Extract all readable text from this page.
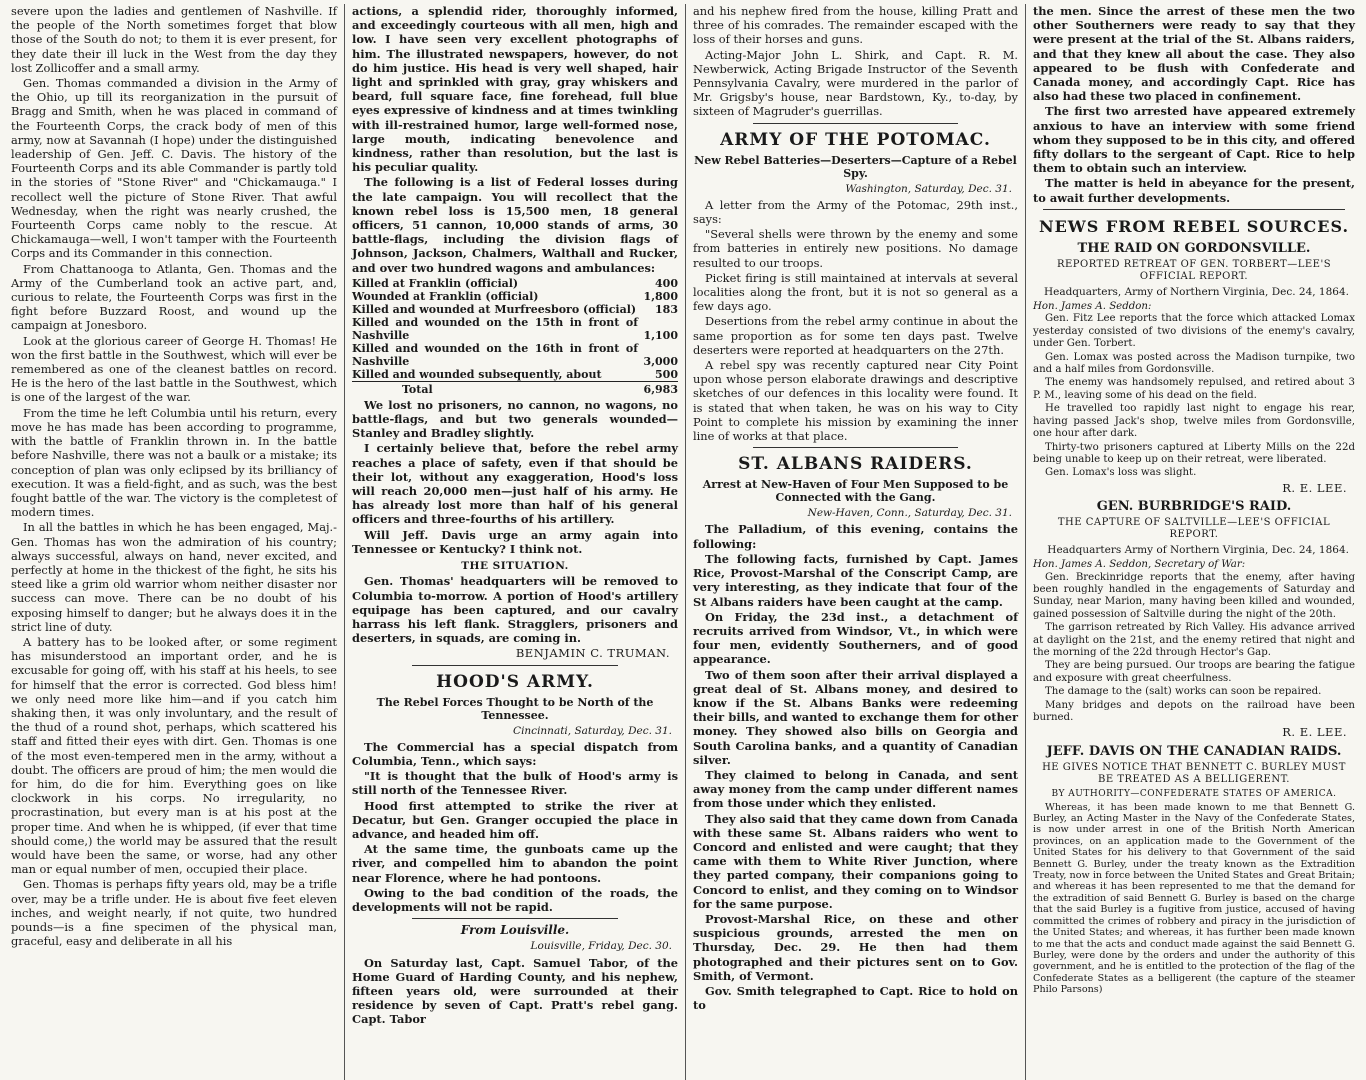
severe upon the ladies and gentlemen of Nashville. If the people of the North sometimes forget that blow those of the South do not; to them it is ever present, for they date their ill luck in the West from the day they lost Zollicoffer and a small army.

Gen. Thomas commanded a division in the Army of the Ohio, up till its reorganization in the pursuit of Bragg and Smith, when he was placed in command of the Fourteenth Corps, the crack body of men of this army, now at Savannah (I hope) under the distinguished leadership of Gen. Jeff. C. Davis. The history of the Fourteenth Corps and its able Commander is partly told in the stories of "Stone River" and "Chickamauga." I recollect well the picture of Stone River. That awful Wednesday, when the right was nearly crushed, the Fourteenth Corps came nobly to the rescue. At Chickamauga—well, I won't tamper with the Fourteenth Corps and its Commander in this connection.

From Chattanooga to Atlanta, Gen. Thomas and the Army of the Cumberland took an active part, and, curious to relate, the Fourteenth Corps was first in the fight before Buzzard Roost, and wound up the campaign at Jonesboro.

Look at the glorious career of George H. Thomas! He won the first battle in the Southwest, which will ever be remembered as one of the cleanest battles on record. He is the hero of the last battle in the Southwest, which is one of the largest of the war.

From the time he left Columbia until his return, every move he has made has been according to programme, with the battle of Franklin thrown in. In the battle before Nashville, there was not a baulk or a mistake; its conception of plan was only eclipsed by its brilliancy of execution. It was a field-fight, and as such, was the best fought battle of the war. The victory is the completest of modern times.

In all the battles in which he has been engaged, Maj.-Gen. Thomas has won the admiration of his country; always successful, always on hand, never excited, and perfectly at home in the thickest of the fight, he sits his steed like a grim old warrior whom neither disaster nor success can move. There can be no doubt of his exposing himself to danger; but he always does it in the strict line of duty.

A battery has to be looked after, or some regiment has misunderstood an important order, and he is excusable for going off, with his staff at his heels, to see for himself that the error is corrected. God bless him! we only need more like him—and if you catch him shaking then, it was only involuntary, and the result of the thud of a round shot, perhaps, which scattered his staff and fitted their eyes with dirt. Gen. Thomas is one of the most even-tempered men in the army, without a doubt. The officers are proud of him; the men would die for him, do die for him. Everything goes on like clockwork in his corps. No irregularity, no procrastination, but every man is at his post at the proper time. And when he is whipped, (if ever that time should come,) the world may be assured that the result would have been the same, or worse, had any other man or equal number of men, occupied their place.

Gen. Thomas is perhaps fifty years old, may be a trifle over, may be a trifle under. He is about five feet eleven inches, and weight nearly, if not quite, two hundred pounds—is a fine specimen of the physical man, graceful, easy and deliberate in all his

actions, a splendid rider, thoroughly informed, and exceedingly courteous with all men, high and low. I have seen very excellent photographs of him. The illustrated newspapers, however, do not do him justice. His head is very well shaped, hair light and sprinkled with gray, gray whiskers and beard, full square face, fine forehead, full blue eyes expressive of kindness and at times twinkling with ill-restrained humor, large well-formed nose, large mouth, indicating benevolence and kindness, rather than resolution, but the last is his peculiar quality.

The following is a list of Federal losses during the late campaign. You will recollect that the known rebel loss is 15,500 men, 18 general officers, 51 cannon, 10,000 stands of arms, 30 battle-flags, including the division flags of Johnson, Jackson, Chalmers, Walthall and Rucker, and over two hundred wagons and ambulances:

Killed at Franklin (official)	400
Wounded at Franklin (official)	1,800
Killed and wounded at Murfreesboro (official)	183
Killed and wounded on the 15th in front of Nashville	1,100
Killed and wounded on the 16th in front of Nashville	3,000
Killed and wounded subsequently, about	500
Total	6,983

We lost no prisoners, no cannon, no wagons, no battle-flags, and but two generals wounded—Stanley and Bradley slightly.

I certainly believe that, before the rebel army reaches a place of safety, even if that should be their lot, without any exaggeration, Hood's loss will reach 20,000 men—just half of his army. He has already lost more than half of his general officers and three-fourths of his artillery.

Will Jeff. Davis urge an army again into Tennessee or Kentucky? I think not.

THE SITUATION.

Gen. Thomas' headquarters will be removed to Columbia to-morrow. A portion of Hood's artillery equipage has been captured, and our cavalry harrass his left flank. Stragglers, prisoners and deserters, in squads, are coming in.

BENJAMIN C. TRUMAN.
HOOD'S ARMY.
The Rebel Forces Thought to be North of the Tennessee.
Cincinnati, Saturday, Dec. 31.

The Commercial has a special dispatch from Columbia, Tenn., which says:

"It is thought that the bulk of Hood's army is still north of the Tennessee River.

Hood first attempted to strike the river at Decatur, but Gen. Granger occupied the place in advance, and headed him off.

At the same time, the gunboats came up the river, and compelled him to abandon the point near Florence, where he had pontoons.

Owing to the bad condition of the roads, the developments will not be rapid.

From Louisville.
Louisville, Friday, Dec. 30.

On Saturday last, Capt. Samuel Tabor, of the Home Guard of Harding County, and his nephew, fifteen years old, were surrounded at their residence by seven of Capt. Pratt's rebel gang. Capt. Tabor

and his nephew fired from the house, killing Pratt and three of his comrades. The remainder escaped with the loss of their horses and guns.

Acting-Major John L. Shirk, and Capt. R. M. Newberwick, Acting Brigade Instructor of the Seventh Pennsylvania Cavalry, were murdered in the parlor of Mr. Grigsby's house, near Bardstown, Ky., to-day, by sixteen of Magruder's guerrillas.

ARMY OF THE POTOMAC.
New Rebel Batteries—Deserters—Capture of a Rebel Spy.
Washington, Saturday, Dec. 31.

A letter from the Army of the Potomac, 29th inst., says:

"Several shells were thrown by the enemy and some from batteries in entirely new positions. No damage resulted to our troops.

Picket firing is still maintained at intervals at several localities along the front, but it is not so general as a few days ago.

Desertions from the rebel army continue in about the same proportion as for some ten days past. Twelve deserters were reported at headquarters on the 27th.

A rebel spy was recently captured near City Point upon whose person elaborate drawings and descriptive sketches of our defences in this locality were found. It is stated that when taken, he was on his way to City Point to complete his mission by examining the inner line of works at that place.

ST. ALBANS RAIDERS.
Arrest at New-Haven of Four Men Supposed to be Connected with the Gang.
New-Haven, Conn., Saturday, Dec. 31.

The Palladium, of this evening, contains the following:

The following facts, furnished by Capt. James Rice, Provost-Marshal of the Conscript Camp, are very interesting, as they indicate that four of the St Albans raiders have been caught at the camp.

On Friday, the 23d inst., a detachment of recruits arrived from Windsor, Vt., in which were four men, evidently Southerners, and of good appearance.

Two of them soon after their arrival displayed a great deal of St. Albans money, and desired to know if the St. Albans Banks were redeeming their bills, and wanted to exchange them for other money. They showed also bills on Georgia and South Carolina banks, and a quantity of Canadian silver.

They claimed to belong in Canada, and sent away money from the camp under different names from those under which they enlisted.

They also said that they came down from Canada with these same St. Albans raiders who went to Concord and enlisted and were caught; that they came with them to White River Junction, where they parted company, their companions going to Concord to enlist, and they coming on to Windsor for the same purpose.

Provost-Marshal Rice, on these and other suspicious grounds, arrested the men on Thursday, Dec. 29. He then had them photographed and their pictures sent on to Gov. Smith, of Vermont.

Gov. Smith telegraphed to Capt. Rice to hold on to

the men. Since the arrest of these men the two other Southerners were ready to say that they were present at the trial of the St. Albans raiders, and that they knew all about the case. They also appeared to be flush with Confederate and Canada money, and accordingly Capt. Rice has also had these two placed in confinement.

The first two arrested have appeared extremely anxious to have an interview with some friend whom they supposed to be in this city, and offered fifty dollars to the sergeant of Capt. Rice to help them to obtain such an interview.

The matter is held in abeyance for the present, to await further developments.

NEWS FROM REBEL SOURCES.
THE RAID ON GORDONSVILLE.
REPORTED RETREAT OF GEN. TORBERT—LEE'S OFFICIAL REPORT.
Headquarters, Army of Northern Virginia, Dec. 24, 1864.
Hon. James A. Seddon:

Gen. Fitz Lee reports that the force which attacked Lomax yesterday consisted of two divisions of the enemy's cavalry, under Gen. Torbert.

Gen. Lomax was posted across the Madison turnpike, two and a half miles from Gordonsville.

The enemy was handsomely repulsed, and retired about 3 P. M., leaving some of his dead on the field.

He travelled too rapidly last night to engage his rear, having passed Jack's shop, twelve miles from Gordonsville, one hour after dark.

Thirty-two prisoners captured at Liberty Mills on the 22d being unable to keep up on their retreat, were liberated.

Gen. Lomax's loss was slight.

R. E. LEE.
GEN. BURBRIDGE'S RAID.
THE CAPTURE OF SALTVILLE—LEE'S OFFICIAL REPORT.
Headquarters Army of Northern Virginia, Dec. 24, 1864.
Hon. James A. Seddon, Secretary of War:

Gen. Breckinridge reports that the enemy, after having been roughly handled in the engagements of Saturday and Sunday, near Marion, many having been killed and wounded, gained possession of Saltville during the night of the 20th.

The garrison retreated by Rich Valley. His advance arrived at daylight on the 21st, and the enemy retired that night and the morning of the 22d through Hector's Gap.

They are being pursued. Our troops are bearing the fatigue and exposure with great cheerfulness.

The damage to the (salt) works can soon be repaired.

Many bridges and depots on the railroad have been burned.

R. E. LEE.
JEFF. DAVIS ON THE CANADIAN RAIDS.
HE GIVES NOTICE THAT BENNETT C. BURLEY MUST BE TREATED AS A BELLIGERENT.
BY AUTHORITY—CONFEDERATE STATES OF AMERICA.

Whereas, it has been made known to me that Bennett G. Burley, an Acting Master in the Navy of the Confederate States, is now under arrest in one of the British North American provinces, on an application made to the Government of the United States for his delivery to that Government of the said Bennett G. Burley, under the treaty known as the Extradition Treaty, now in force between the United States and Great Britain; and whereas it has been represented to me that the demand for the extradition of said Bennett G. Burley is based on the charge that the said Burley is a fugitive from justice, accused of having committed the crimes of robbery and piracy in the jurisdiction of the United States; and whereas, it has further been made known to me that the acts and conduct made against the said Bennett G. Burley, were done by the orders and under the authority of this government, and he is entitled to the protection of the flag of the Confederate States as a belligerent (the capture of the steamer Philo Parsons)
